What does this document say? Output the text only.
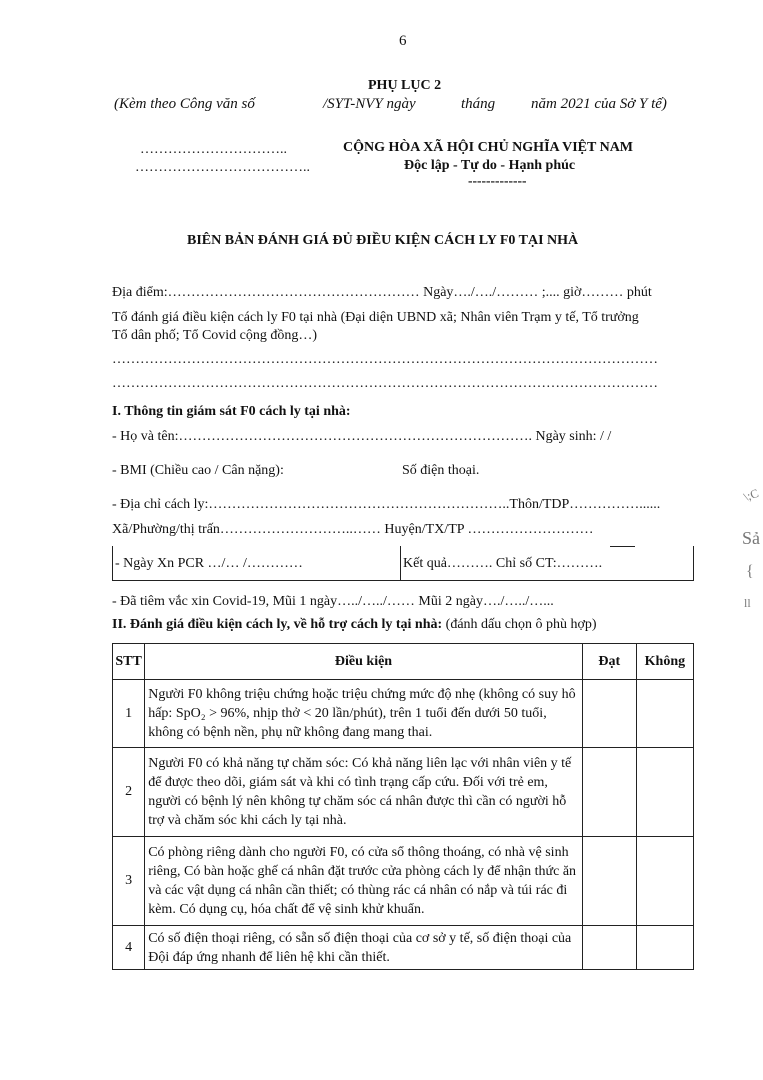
6
PHỤ LỤC 2
(Kèm theo Công văn số	/SYT-NVY ngày	tháng năm 2021 của Sở Y tế)
…………………………..
………………………………..
CỘNG HÒA XÃ HỘI CHỦ NGHĨA VIỆT NAM
Độc lập - Tự do - Hạnh phúc
-------------
BIÊN BẢN ĐÁNH GIÁ ĐỦ ĐIỀU KIỆN CÁCH LY F0 TẠI NHÀ
Địa điểm:……………………………………………… Ngày…./…./……… ;.... giờ……… phút
Tổ đánh giá điều kiện cách ly F0 tại nhà (Đại diện UBND xã; Nhân viên Trạm y tế, Tổ trưởng
Tổ dân phố; Tổ Covid cộng đồng…)
………………………………………………………………………………………………………
………………………………………………………………………………………………………
I. Thông tin giám sát F0 cách ly tại nhà:
- Họ và tên:…………………………………………………………………. Ngày sinh: / /
- BMI (Chiều cao / Cân nặng):	Số điện thoại.
- Địa chỉ cách ly:………………………………………………………..Thôn/TDP……………......
Xã/Phường/thị trấn………………………..…… Huyện/TX/TP ………………………
- Ngày Xn PCR …/… /…………	Kết quả………. Chỉ số CT:……….
- Đã tiêm vắc xin Covid-19, Mũi 1 ngày…../…../…… Mũi 2 ngày…./…../…...
II. Đánh giá điều kiện cách ly, về hỗ trợ cách ly tại nhà: (đánh dấu chọn ô phù hợp)
STT	Điều kiện	Đạt	Không
1	Người F0 không triệu chứng hoặc triệu chứng mức độ nhẹ (không có suy hô hấp: SpO₂ > 96%, nhịp thở < 20 lần/phút), trên 1 tuổi đến dưới 50 tuổi, không có bệnh nền, phụ nữ không đang mang thai.		
2	Người F0 có khả năng tự chăm sóc: Có khả năng liên lạc với nhân viên y tế để được theo dõi, giám sát và khi có tình trạng cấp cứu. Đối với trẻ em, người có bệnh lý nên không tự chăm sóc cá nhân được thì cần có người hỗ trợ và chăm sóc khi cách ly tại nhà.		
3	Có phòng riêng dành cho người F0, có cửa sổ thông thoáng, có nhà vệ sinh riêng, Có bàn hoặc ghế cá nhân đặt trước cửa phòng cách ly để nhận thức ăn và các vật dụng cá nhân cần thiết; có thùng rác cá nhân có nắp và túi rác đi kèm. Có dụng cụ, hóa chất để vệ sinh khử khuẩn.		
4	Có số điện thoại riêng, có sẵn số điện thoại của cơ sở y tế, số điện thoại của Đội đáp ứng nhanh để liên hệ khi cần thiết.		
\;C
Sả
{
ll
